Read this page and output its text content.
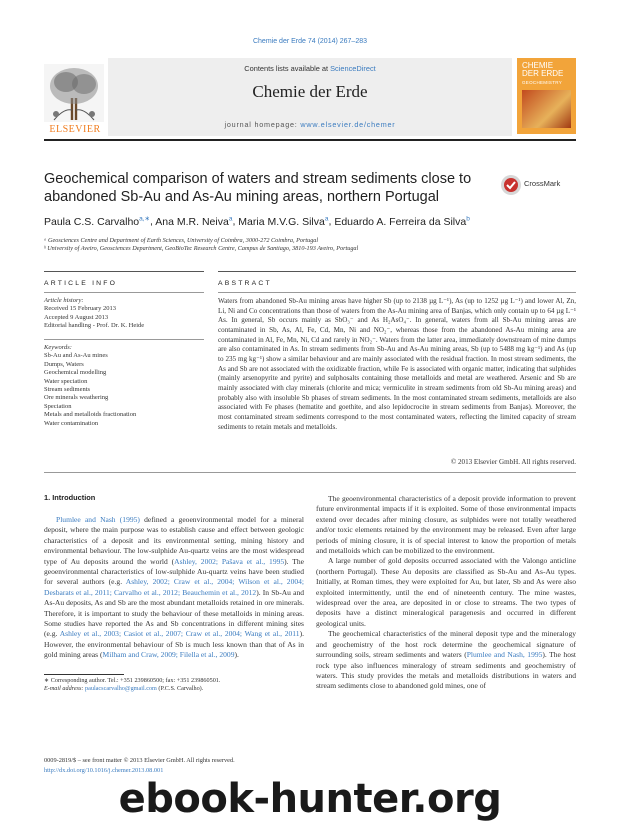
Chemie der Erde 74 (2014) 267–283
ELSEVIER
Contents lists available at ScienceDirect
Chemie der Erde
journal homepage: www.elsevier.de/chemer
CHEMIE
DER ERDE
GEOCHEMISTRY
Geochemical comparison of waters and stream sediments close to
abandoned Sb-Au and As-Au mining areas, northern Portugal
CrossMark
Paula C.S. Carvalho$^{a,∗}$, Ana M.R. Neiva$^a$, Maria M.V.G. Silva$^a$, Eduardo A. Ferreira da Silva$^b$
ᵃ Geosciences Centre and Department of Earth Sciences, University of Coimbra, 3000-272 Coimbra, Portugal
ᵇ University of Aveiro, Geosciences Department, GeoBioTec Research Centre, Campus de Santiago, 3810-193 Aveiro, Portugal
ARTICLE INFO	ABSTRACT
Article history:
Received 15 February 2013
Accepted 9 August 2013
Editorial handling - Prof. Dr. K. Heide
Keywords:
Sb-Au and As-Au mines
Dumps, Waters
Geochemical modelling
Water speciation
Stream sediments
Ore minerals weathering
Speciation
Metals and metalloids fractionation
Water contamination
Waters from abandoned Sb-Au mining areas have higher Sb (up to 2138 µg L⁻¹), As (up to 1252 µg L⁻¹) and lower Al, Zn, Li, Ni and Co concentrations than those of waters from the As-Au mining area of Banjas, which only contain up to 64 µg L⁻¹ As. In general, Sb occurs mainly as SbO₃⁻ and As H₂AsO₄⁻. In general, waters from all Sb-Au mining areas are contaminated in Sb, As, Al, Fe, Cd, Mn, Ni and NO₂⁻, whereas those from the abandoned As-Au mining area are contaminated in Al, Fe, Mn, Ni, Cd and rarely in NO₂⁻. Waters from the latter area, immediately downstream of mine dumps are also contaminated in As. In stream sediments from Sb-Au and As-Au mining areas, Sb (up to 5488 mg kg⁻¹) and As (up to 235 mg kg⁻¹) show a similar behaviour and are mainly associated with the residual fraction. In most stream sediments, the As and Sb are not associated with the oxidizable fraction, while Fe is associated with organic matter, indicating that sulphides (mainly arsenopyrite and pyrite) and sulphosalts containing those metalloids and metal are weathered. Arsenic and Sb are mainly associated with clay minerals (chlorite and mica; vermiculite in stream sediments from old Sb-Au mining areas) and probably also with insoluble Sb phases of stream sediments. In the most contaminated stream sediments, metalloids are also associated with Fe phases (hematite and goethite, and also lepidocrocite in stream sediments from Banjas). Moreover, the most contaminated stream sediments correspond to the most contaminated waters, reflecting the limited capacity of stream sediments to retain metals and metalloids.
© 2013 Elsevier GmbH. All rights reserved.
1. Introduction

Plumlee and Nash (1995) defined a geoenvironmental model for a mineral deposit, where the main purpose was to establish cause and effect between geologic characteristics of a deposit and its environmental setting, mining history and environmental behaviour. The low-sulphide Au-quartz veins are the most widespread type of Au deposits around the world (Ashley, 2002; Pašava et al., 1995). The geoenvironmental characteristics of low-sulphide Au-quartz veins have been studied for several authors (e.g. Ashley, 2002; Craw et al., 2004; Wilson et al., 2004; Desbarats et al., 2011; Carvalho et al., 2012; Beauchemin et al., 2012). In Sb-Au and As-Au deposits, As and Sb are the most abundant metalloids retained in ore minerals. Therefore, it is important to study the behaviour of these metalloids in mining areas. Some studies have reported the As and Sb concentrations in different mining sites (e.g. Ashley et al., 2003; Casiot et al., 2007; Craw et al., 2004; Wang et al., 2011). However, the environmental behaviour of Sb is much less known than that of As in gold mining areas (Milham and Craw, 2009; Filella et al., 2009).

The geoenvironmental characteristics of a deposit provide information to prevent future environmental impacts if it is exploited. Some of those environmental impacts extend over decades after mining closure, as sulphides were not totally weathered and/or toxic elements retained by the environment may be released. Even after large periods of mining closure, it is of special interest to know the proportion of metals and metalloids which can be mobilized to the environment.

A large number of gold deposits occurred associated with the Valongo anticline (northern Portugal). These Au deposits are classified as Sb-Au and As-Au types. Initially, at Roman times, they were exploited for Au, but later, Sb and As were also exploited intermittently, until the end of nineteenth century. The mine wastes, widespread over the area, are deposited in or close to streams. The two types of deposits have a distinct mineralogical paragenesis and occurred in different geological units.

The geochemical characteristics of the mineral deposit type and the mineralogy and geochemistry of the host rock determine the geochemical signature of surrounding soils, stream sediments and waters (Plumlee and Nash, 1995). The host rock type also influences mineralogy of stream sediments and geochemistry of waters. This study provides the metals and metalloids distributions in waters and stream sediments close to abandoned gold mines, one of

∗ Corresponding author. Tel.: +351 239860500; fax: +351 239860501.
E-mail address: paulacscarvalho@gmail.com (P.C.S. Carvalho).
0009-2819/$ – see front matter © 2013 Elsevier GmbH. All rights reserved.
http://dx.doi.org/10.1016/j.chemer.2013.08.001
ebook-hunter.org
